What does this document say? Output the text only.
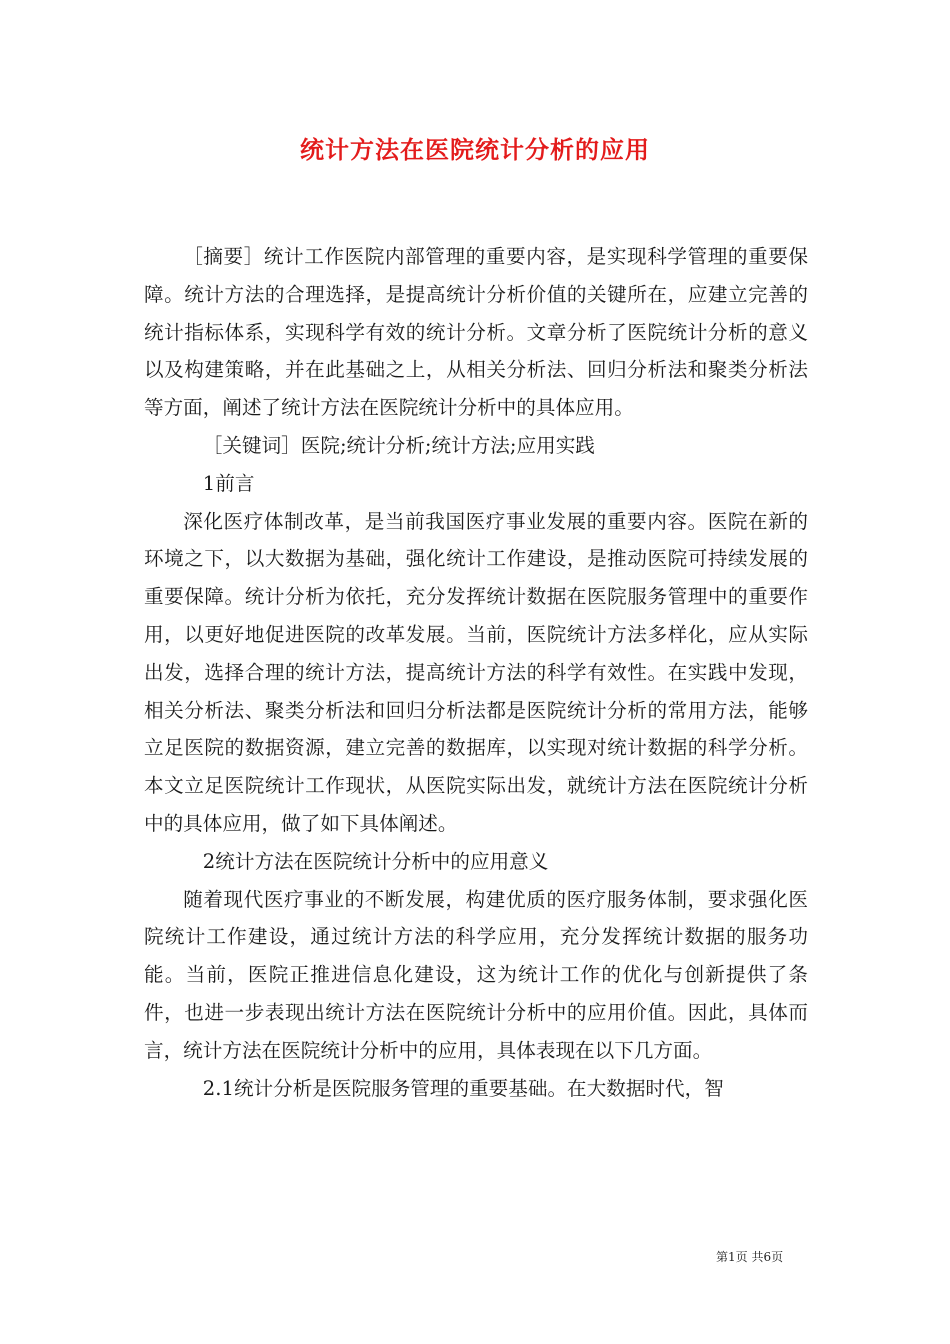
统计方法在医院统计分析的应用

［摘要］统计工作医院内部管理的重要内容，是实现科学管理的重要保障。统计方法的合理选择，是提高统计分析价值的关键所在，应建立完善的统计指标体系，实现科学有效的统计分析。文章分析了医院统计分析的意义以及构建策略，并在此基础之上，从相关分析法、回归分析法和聚类分析法等方面，阐述了统计方法在医院统计分析中的具体应用。

［关键词］医院;统计分析;统计方法;应用实践

1前言

深化医疗体制改革，是当前我国医疗事业发展的重要内容。医院在新的环境之下，以大数据为基础，强化统计工作建设，是推动医院可持续发展的重要保障。统计分析为依托，充分发挥统计数据在医院服务管理中的重要作用，以更好地促进医院的改革发展。当前，医院统计方法多样化，应从实际出发，选择合理的统计方法，提高统计方法的科学有效性。在实践中发现，相关分析法、聚类分析法和回归分析法都是医院统计分析的常用方法，能够立足医院的数据资源，建立完善的数据库，以实现对统计数据的科学分析。本文立足医院统计工作现状，从医院实际出发，就统计方法在医院统计分析中的具体应用，做了如下具体阐述。

2统计方法在医院统计分析中的应用意义

随着现代医疗事业的不断发展，构建优质的医疗服务体制，要求强化医院统计工作建设，通过统计方法的科学应用，充分发挥统计数据的服务功能。当前，医院正推进信息化建设，这为统计工作的优化与创新提供了条件，也进一步表现出统计方法在医院统计分析中的应用价值。因此，具体而言，统计方法在医院统计分析中的应用，具体表现在以下几方面。

2.1统计分析是医院服务管理的重要基础。在大数据时代，智

第1页 共6页
